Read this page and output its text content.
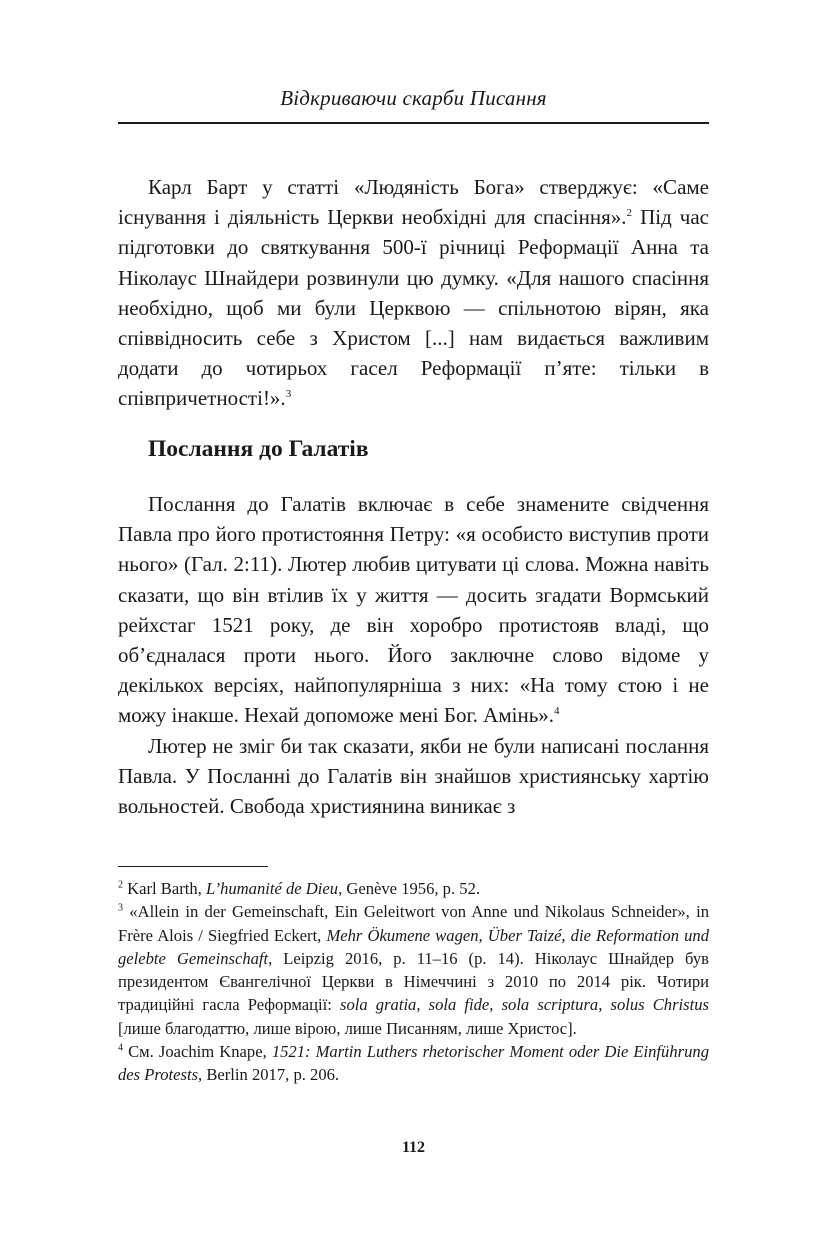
Відкриваючи скарби Писання

Карл Барт у статті «Людяність Бога» стверджує: «Саме існування і діяльність Церкви необхідні для спасіння».$^2$ Під час підготовки до святкування 500-ї річниці Реформації Анна та Ніколаус Шнайдери розвинули цю думку. «Для нашого спасіння необхідно, щоб ми були Церквою — спільнотою вірян, яка співвідносить себе з Христом [...] нам видається важливим додати до чотирьох гасел Реформації п’яте: тільки в співпричетності!».$^3$

Послання до Галатів

Послання до Галатів включає в себе знамените свідчення Павла про його протистояння Петру: «я особисто виступив проти нього» (Гал. 2:11). Лютер любив цитувати ці слова. Можна навіть сказати, що він втілив їх у життя — досить згадати Вормський рейхстаг 1521 року, де він хоробро протистояв владі, що об’єдналася проти нього. Його заключне слово відоме у декількох версіях, найпопулярніша з них: «На тому стою і не можу інакше. Нехай допоможе мені Бог. Амінь».$^4$

Лютер не зміг би так сказати, якби не були написані послання Павла. У Посланні до Галатів він знайшов християнську хартію вольностей. Свобода християнина виникає з

$^2$ Karl Barth, L’humanité de Dieu, Genève 1956, p. 52.

$^3$ «Allein in der Gemeinschaft, Ein Geleitwort von Anne und Nikolaus Schneider», in Frère Alois / Siegfried Eckert, Mehr Ökumene wagen, Über Taizé, die Reformation und gelebte Gemeinschaft, Leipzig 2016, p. 11–16 (p. 14). Ніколаус Шнайдер був президентом Євангелічної Церкви в Німеччині з 2010 по 2014 рік. Чотири традиційні гасла Реформації: sola gratia, sola fide, sola scriptura, solus Christus [лише благодаттю, лише вірою, лише Писанням, лише Христос].

$^4$ См. Joachim Knape, 1521: Martin Luthers rhetorischer Moment oder Die Einführung des Protests, Berlin 2017, p. 206.

112
